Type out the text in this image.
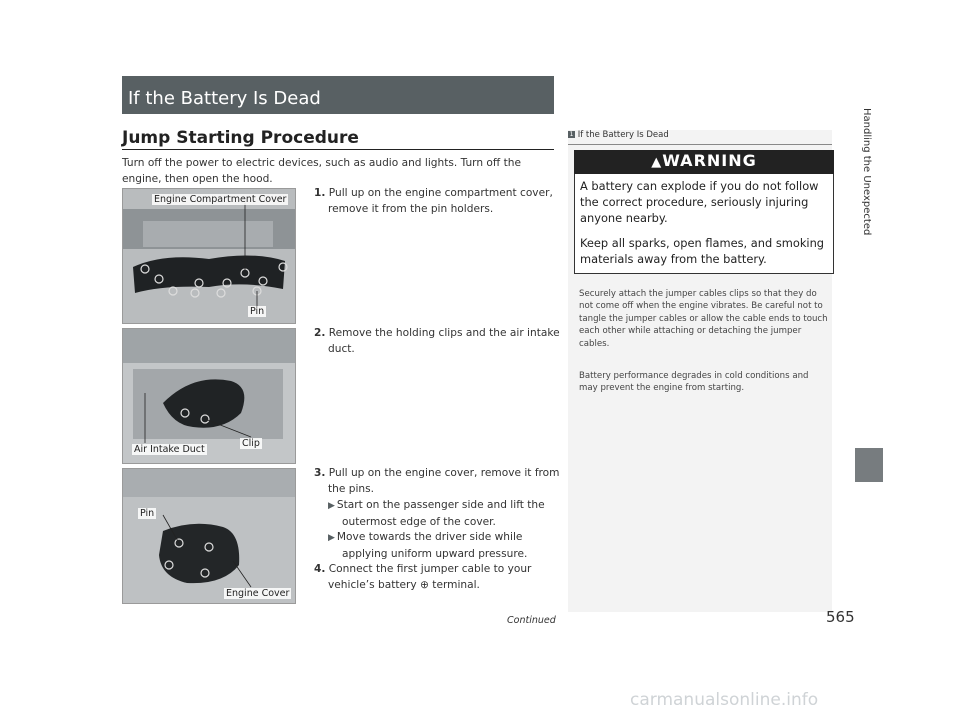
If the Battery Is Dead
Jump Starting Procedure
Turn off the power to electric devices, such as audio and lights. Turn off the engine, then open the hood.
Engine Compartment Cover
Pin
1. Pull up on the engine compartment cover, remove it from the pin holders.
Air Intake Duct
Clip
2. Remove the holding clips and the air intake duct.
Pin
Engine Cover
3. Pull up on the engine cover, remove it from the pins.
▶ Start on the passenger side and lift the outermost edge of the cover.
▶ Move towards the driver side while applying uniform upward pressure.
4. Connect the first jumper cable to your vehicle’s battery ⊕ terminal.
1 If the Battery Is Dead
▲WARNING
A battery can explode if you do not follow the correct procedure, seriously injuring anyone nearby.
Keep all sparks, open flames, and smoking materials away from the battery.
Securely attach the jumper cables clips so that they do not come off when the engine vibrates. Be careful not to tangle the jumper cables or allow the cable ends to touch each other while attaching or detaching the jumper cables.
Battery performance degrades in cold conditions and may prevent the engine from starting.
Handling the Unexpected
Continued	565
carmanualsonline.info
